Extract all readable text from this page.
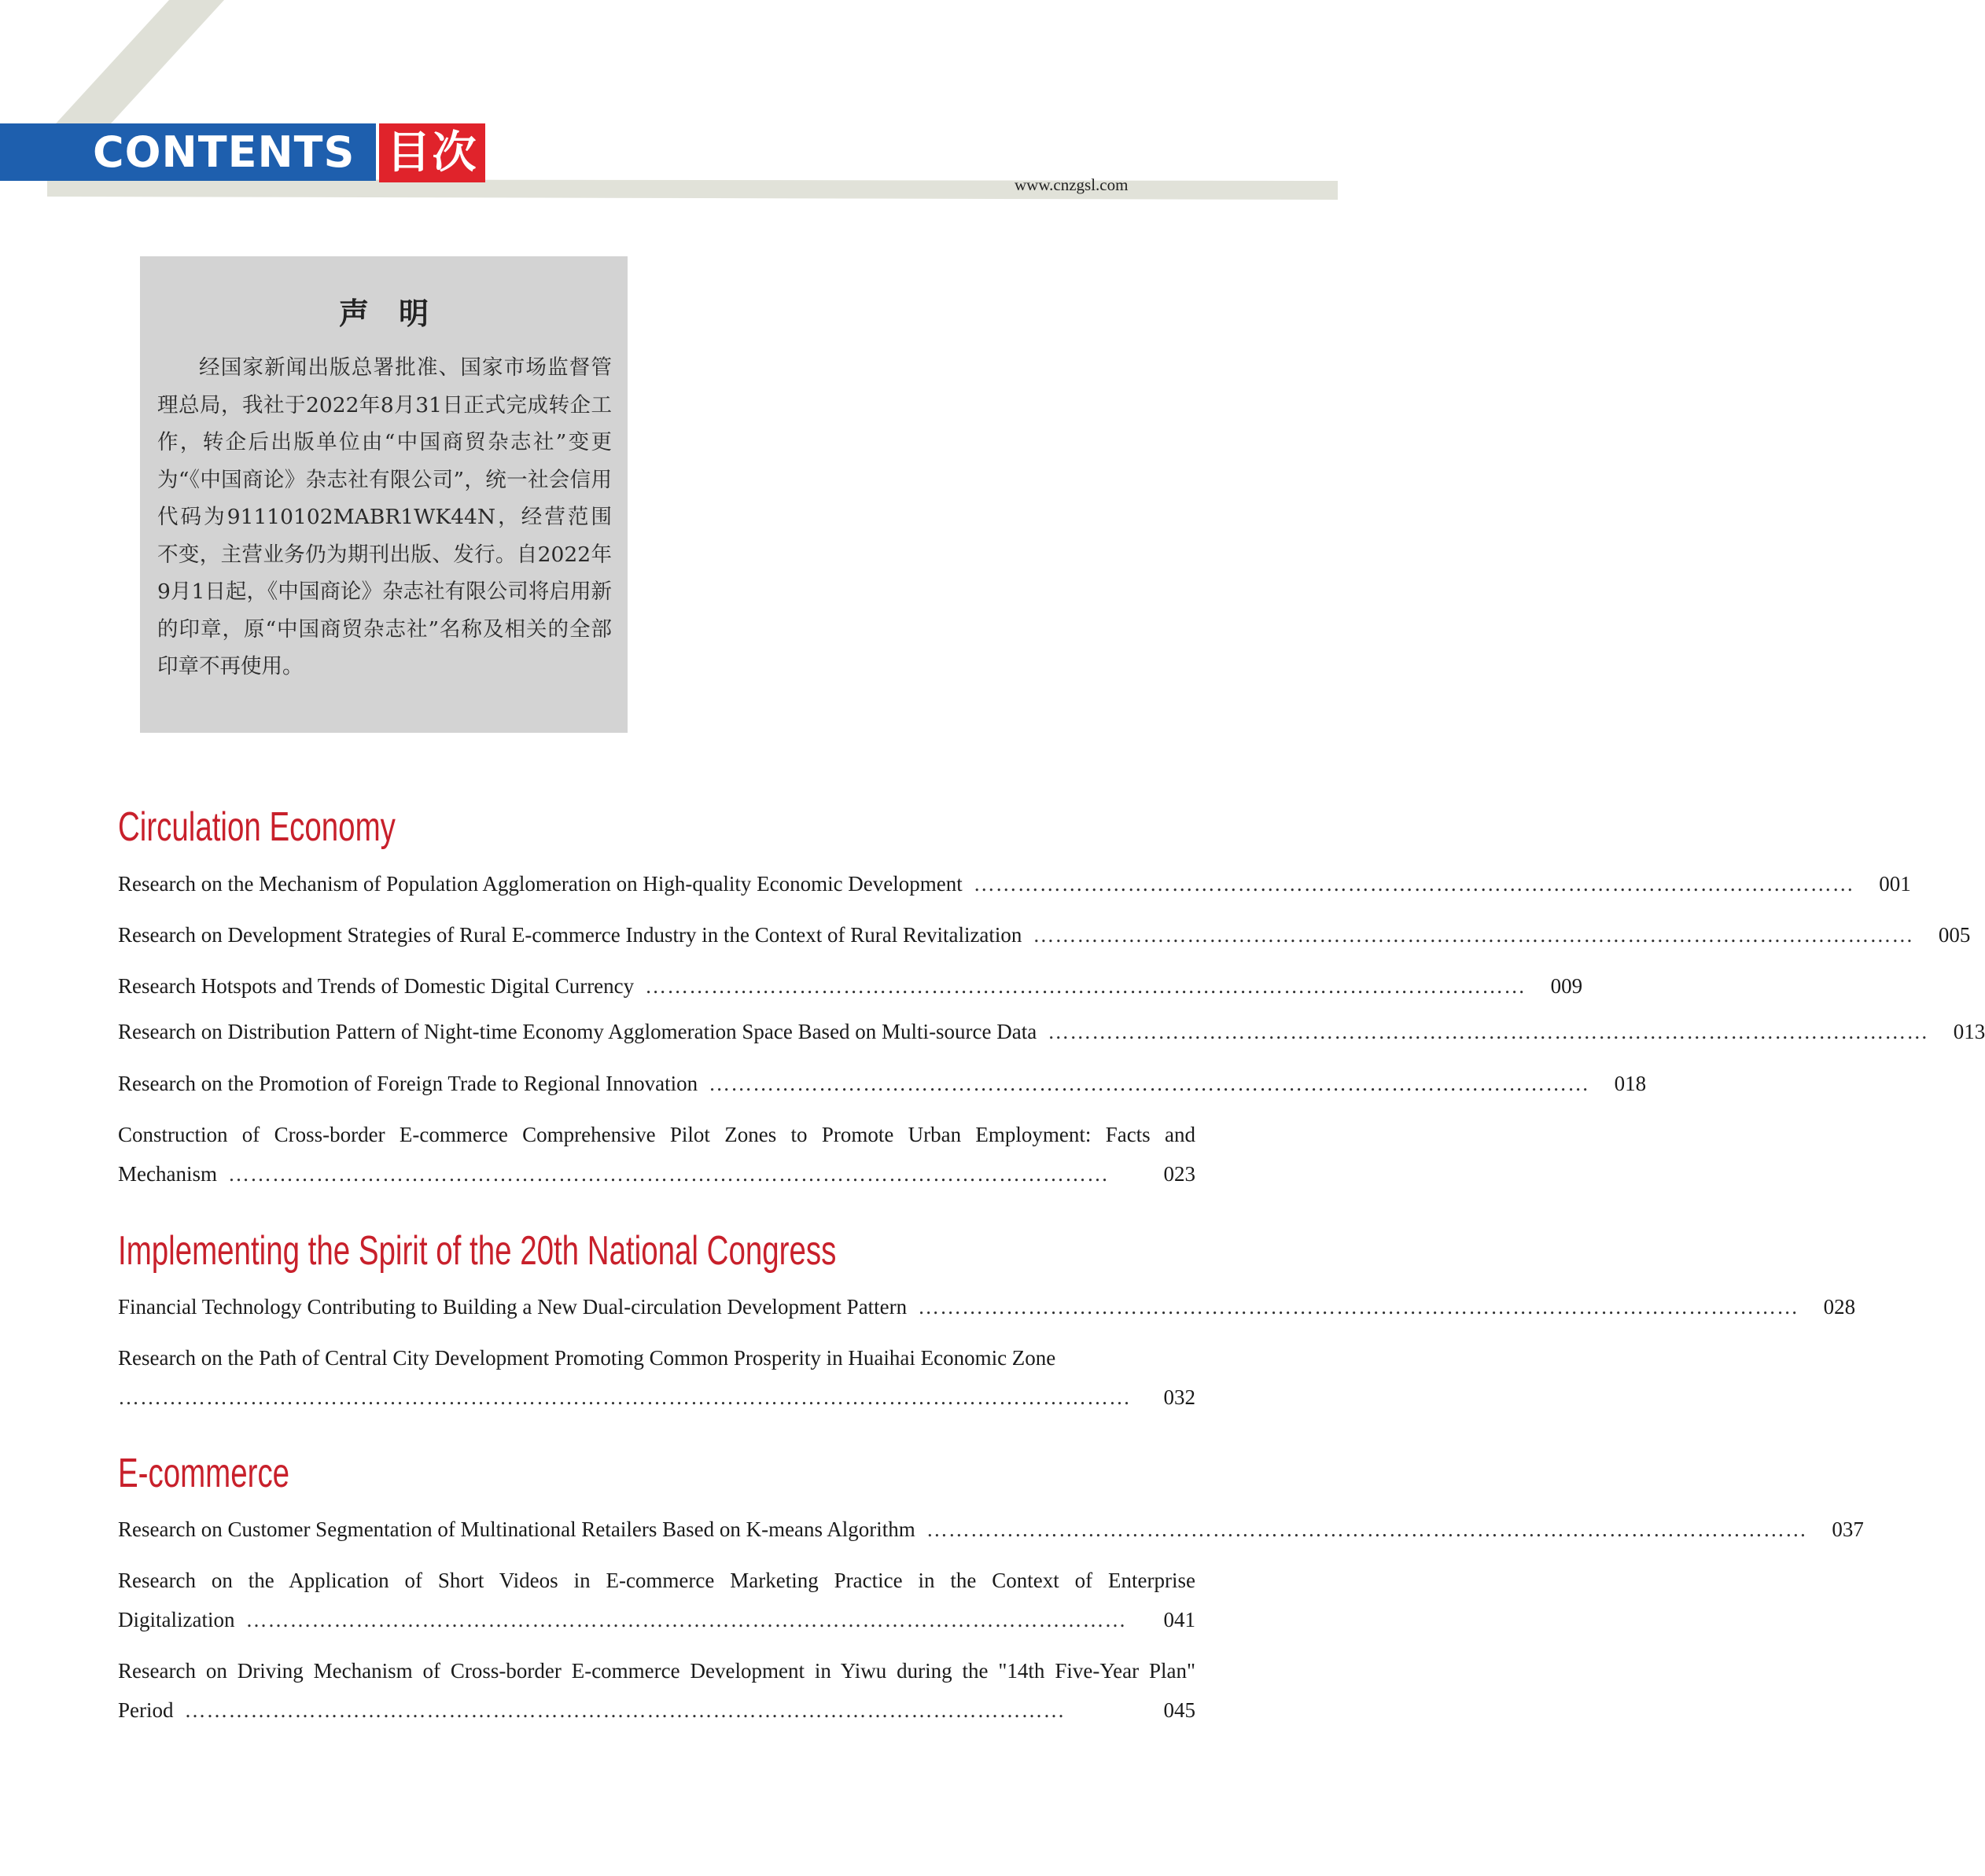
CONTENTS 目次
www.cnzgsl.com
声明

经国家新闻出版总署批准、国家市场监督管理总局，我社于2022年8月31日正式完成转企工作，转企后出版单位由“中国商贸杂志社”变更为“《中国商论》杂志社有限公司”，统一社会信用代码为91110102MABR1WK44N，经营范围不变，主营业务仍为期刊出版、发行。自2022年9月1日起，《中国商论》杂志社有限公司将启用新的印章，原“中国商贸杂志社”名称及相关的全部印章不再使用。

Circulation Economy
Research on the Mechanism of Population Agglomeration on High-quality Economic Development …………………………………………………………………………………………………………	001
Research on Development Strategies of Rural E-commerce Industry in the Context of Rural Revitalization …………………………………………………………………………………………………………	005
Research Hotspots and Trends of Domestic Digital Currency …………………………………………………………………………………………………………	009
Research on Distribution Pattern of Night-time Economy Agglomeration Space Based on Multi-source Data …………………………………………………………………………………………………………	013
Research on the Promotion of Foreign Trade to Regional Innovation …………………………………………………………………………………………………………	018
Construction of Cross-border E-commerce Comprehensive Pilot Zones to Promote Urban Employment: Facts and
Mechanism …………………………………………………………………………………………………………	023
Implementing the Spirit of the 20th National Congress
Financial Technology Contributing to Building a New Dual-circulation Development Pattern …………………………………………………………………………………………………………	028
Research on the Path of Central City Development Promoting Common Prosperity in Huaihai Economic Zone
…………………………………………………………………………………………………………………………	032
E-commerce
Research on Customer Segmentation of Multinational Retailers Based on K-means Algorithm …………………………………………………………………………………………………………	037
Research on the Application of Short Videos in E-commerce Marketing Practice in the Context of Enterprise
Digitalization …………………………………………………………………………………………………………	041
Research on Driving Mechanism of Cross-border E-commerce Development in Yiwu during the "14th Five-Year Plan"
Period …………………………………………………………………………………………………………	045
